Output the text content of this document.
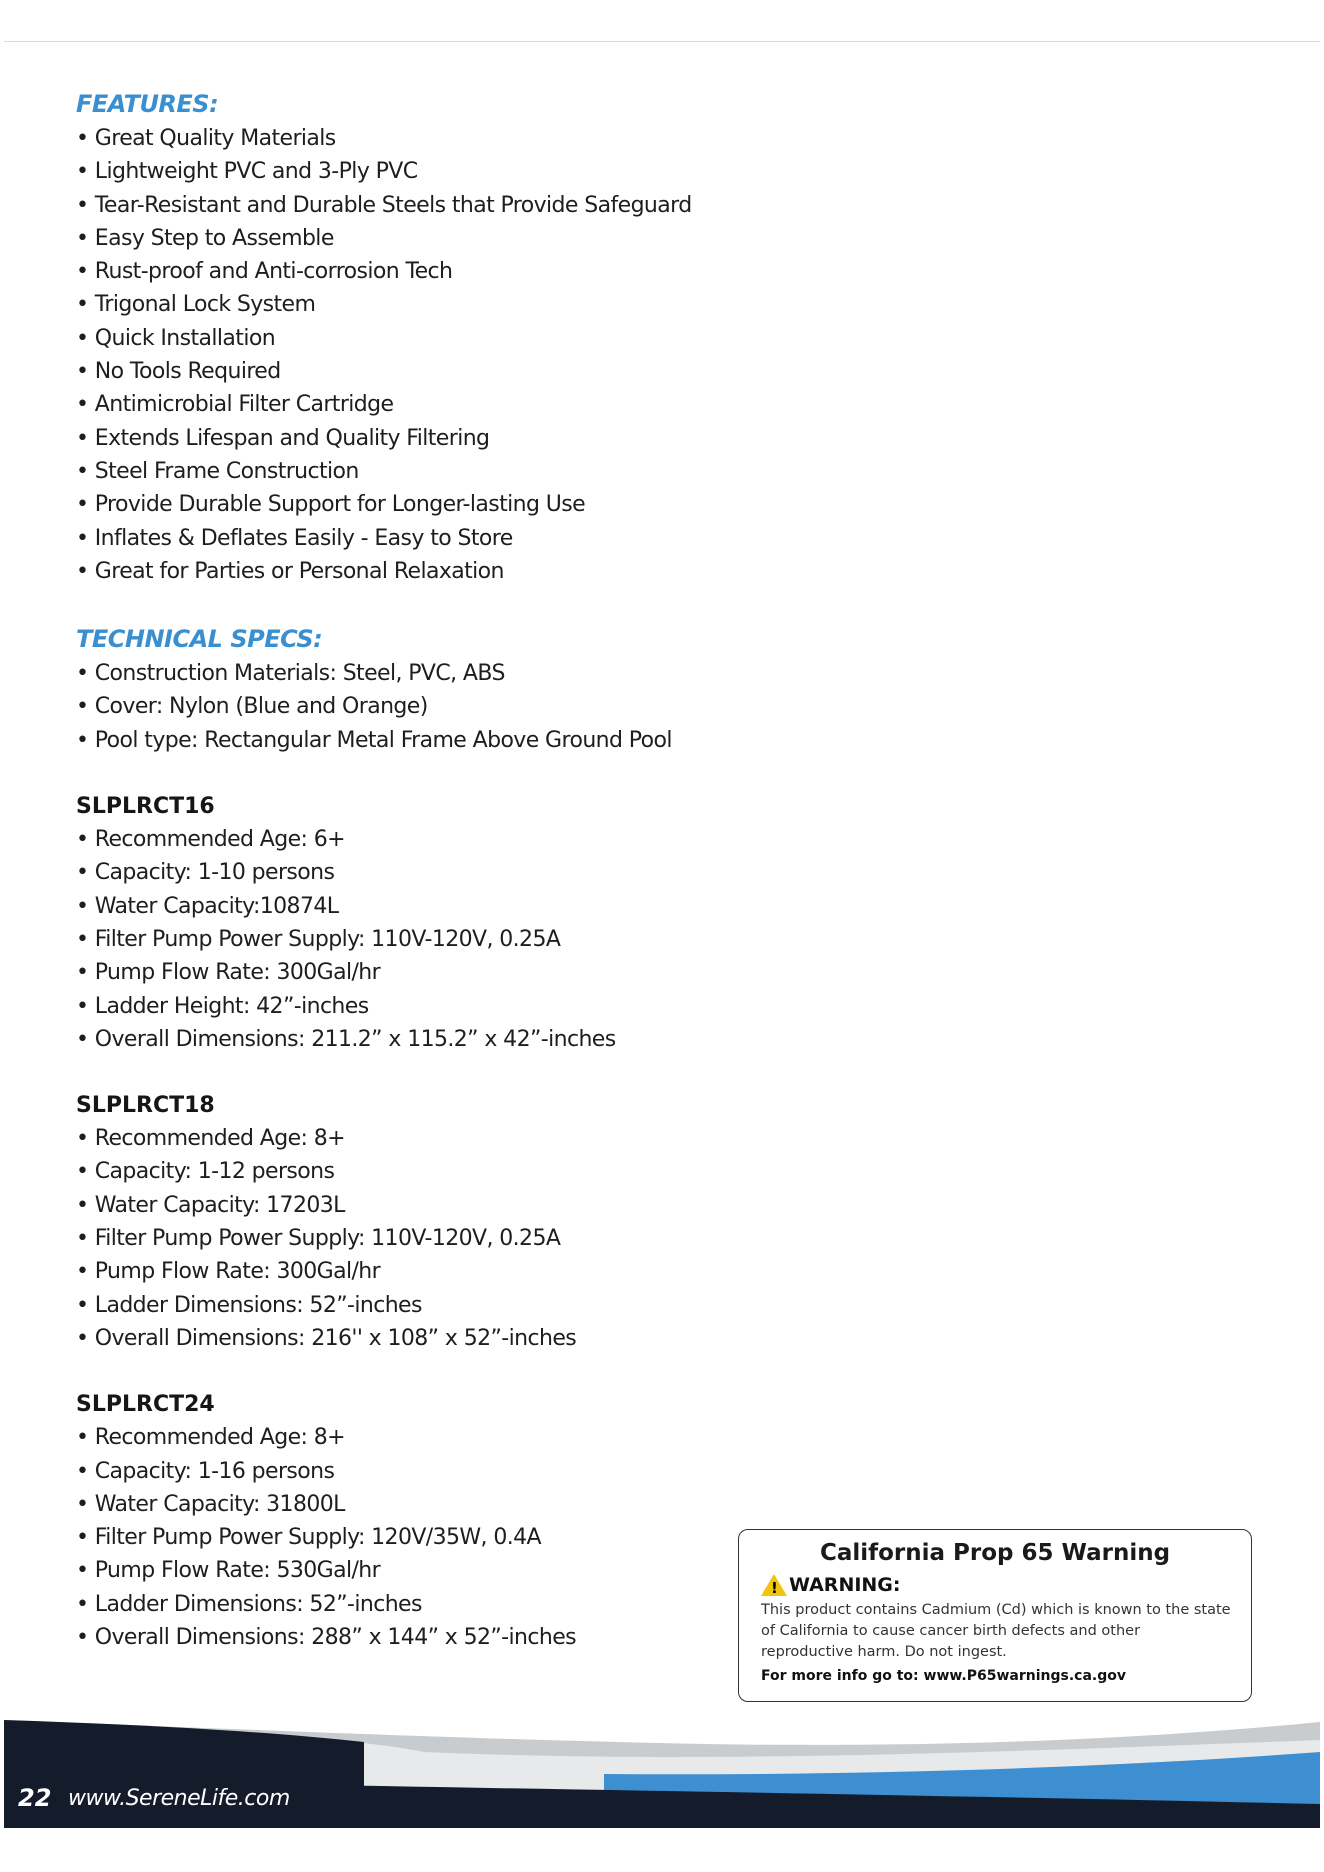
FEATURES:
• Great Quality Materials
• Lightweight PVC and 3-Ply PVC
• Tear-Resistant and Durable Steels that Provide Safeguard
• Easy Step to Assemble
• Rust-proof and Anti-corrosion Tech
• Trigonal Lock System
• Quick Installation
• No Tools Required
• Antimicrobial Filter Cartridge
• Extends Lifespan and Quality Filtering
• Steel Frame Construction
• Provide Durable Support for Longer-lasting Use
• Inflates & Deflates Easily - Easy to Store
• Great for Parties or Personal Relaxation
TECHNICAL SPECS:
• Construction Materials: Steel, PVC, ABS
• Cover: Nylon (Blue and Orange)
• Pool type: Rectangular Metal Frame Above Ground Pool
SLPLRCT16
• Recommended Age: 6+
• Capacity: 1-10 persons
• Water Capacity:10874L
• Filter Pump Power Supply: 110V-120V, 0.25A
• Pump Flow Rate: 300Gal/hr
• Ladder Height: 42”-inches
• Overall Dimensions: 211.2” x 115.2” x 42”-inches
SLPLRCT18
• Recommended Age: 8+
• Capacity: 1-12 persons
• Water Capacity: 17203L
• Filter Pump Power Supply: 110V-120V, 0.25A
• Pump Flow Rate: 300Gal/hr
• Ladder Dimensions: 52”-inches
• Overall Dimensions: 216'' x 108” x 52”-inches
SLPLRCT24
• Recommended Age: 8+
• Capacity: 1-16 persons
• Water Capacity: 31800L
• Filter Pump Power Supply: 120V/35W, 0.4A
• Pump Flow Rate: 530Gal/hr
• Ladder Dimensions: 52”-inches
• Overall Dimensions: 288” x 144” x 52”-inches
California Prop 65 Warning
!
WARNING:
This product contains Cadmium (Cd) which is known to the state of California to cause cancer birth defects and other reproductive harm. Do not ingest.
For more info go to: www.P65warnings.ca.gov
22 www.SereneLife.com
